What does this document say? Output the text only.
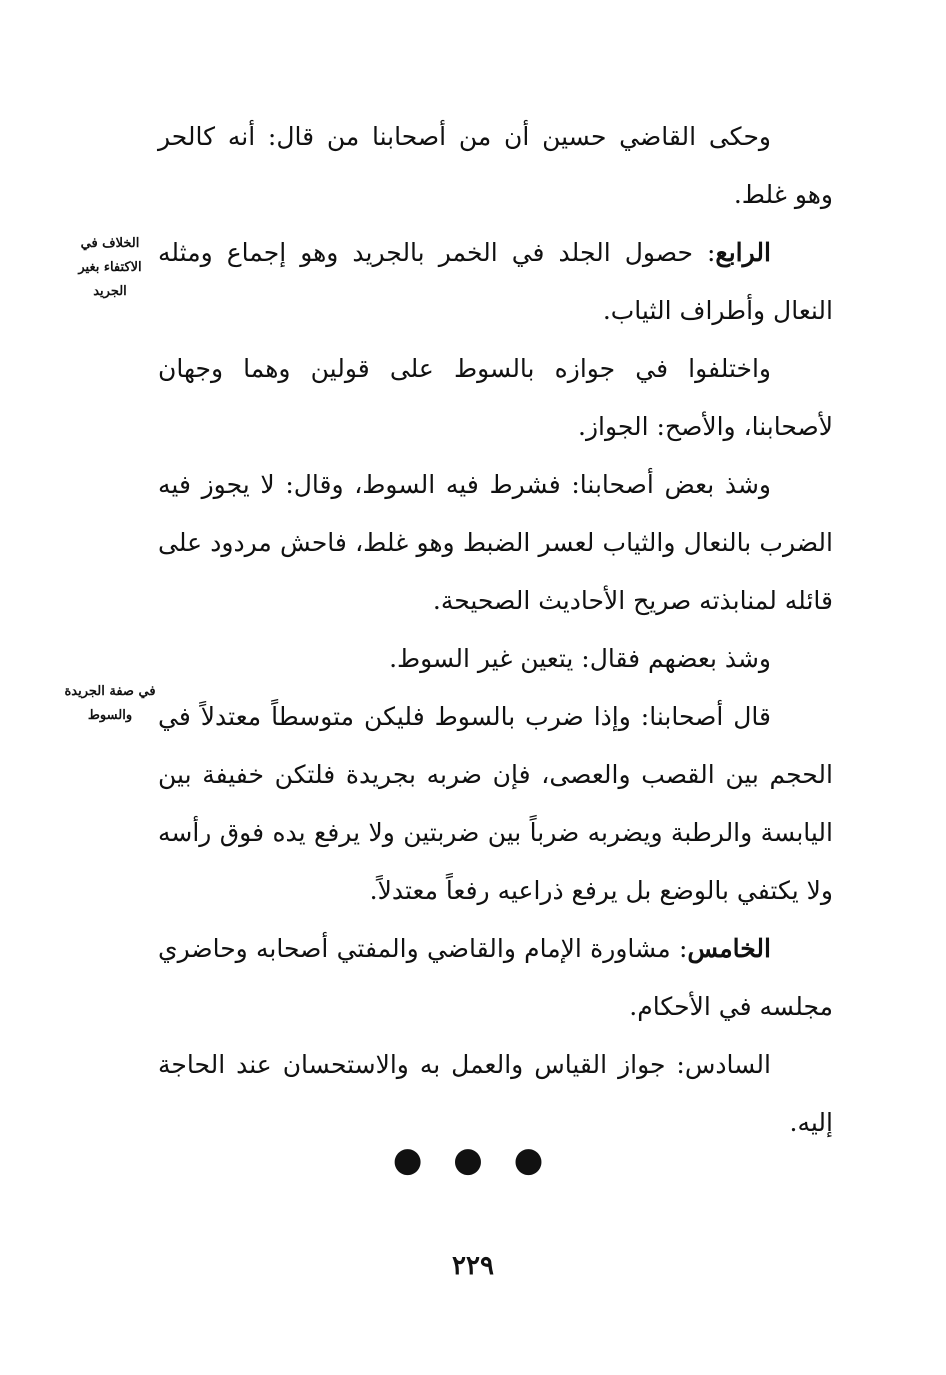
وحكى القاضي حسين أن من أصحابنا من قال: أنه كالحر وهو غلط.

الرابع: حصول الجلد في الخمر بالجريد وهو إجماع ومثله النعال وأطراف الثياب.

واختلفوا في جوازه بالسوط على قولين وهما وجهان لأصحابنا، والأصح: الجواز.

وشذ بعض أصحابنا: فشرط فيه السوط، وقال: لا يجوز فيه الضرب بالنعال والثياب لعسر الضبط وهو غلط، فاحش مردود على قائله لمنابذته صريح الأحاديث الصحيحة.

وشذ بعضهم فقال: يتعين غير السوط.

قال أصحابنا: وإذا ضرب بالسوط فليكن متوسطاً معتدلاً في الحجم بين القصب والعصى، فإن ضربه بجريدة فلتكن خفيفة بين اليابسة والرطبة ويضربه ضرباً بين ضربتين ولا يرفع يده فوق رأسه ولا يكتفي بالوضع بل يرفع ذراعيه رفعاً معتدلاً.

الخامس: مشاورة الإمام والقاضي والمفتي أصحابه وحاضري مجلسه في الأحكام.

السادس: جواز القياس والعمل به والاستحسان عند الحاجة إليه.

الخلاف في الاكتفاء بغير الجريد
في صفة الجريدة والسوط
● ● ●
٢٢٩
